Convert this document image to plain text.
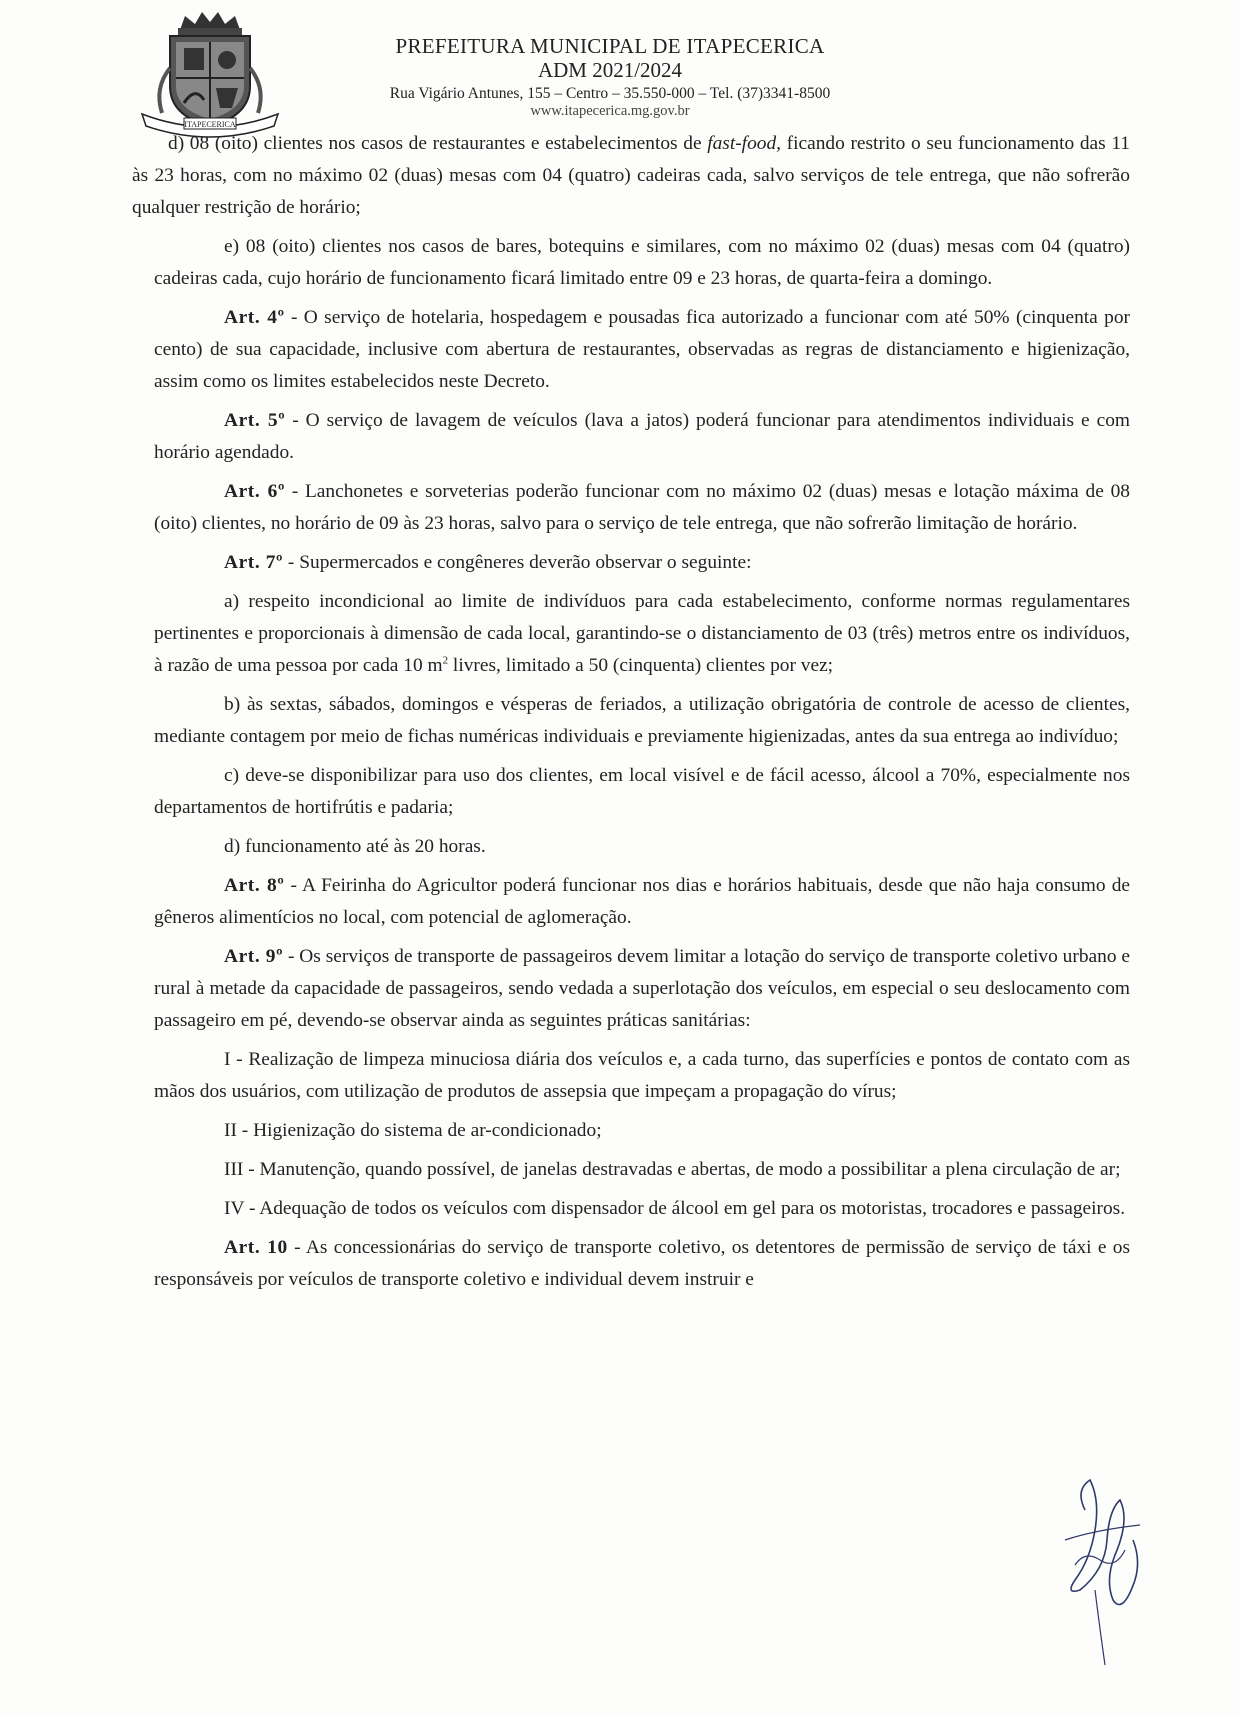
ITAPECERICA
PREFEITURA MUNICIPAL DE ITAPECERICA
ADM 2021/2024
Rua Vigário Antunes, 155 – Centro – 35.550-000 – Tel. (37)3341-8500
www.itapecerica.mg.gov.br

d) 08 (oito) clientes nos casos de restaurantes e estabelecimentos de fast-food, ficando restrito o seu funcionamento das 11 às 23 horas, com no máximo 02 (duas) mesas com 04 (quatro) cadeiras cada, salvo serviços de tele entrega, que não sofrerão qualquer restrição de horário;

e) 08 (oito) clientes nos casos de bares, botequins e similares, com no máximo 02 (duas) mesas com 04 (quatro) cadeiras cada, cujo horário de funcionamento ficará limitado entre 09 e 23 horas, de quarta-feira a domingo.

Art. 4º - O serviço de hotelaria, hospedagem e pousadas fica autorizado a funcionar com até 50% (cinquenta por cento) de sua capacidade, inclusive com abertura de restaurantes, observadas as regras de distanciamento e higienização, assim como os limites estabelecidos neste Decreto.

Art. 5º - O serviço de lavagem de veículos (lava a jatos) poderá funcionar para atendimentos individuais e com horário agendado.

Art. 6º - Lanchonetes e sorveterias poderão funcionar com no máximo 02 (duas) mesas e lotação máxima de 08 (oito) clientes, no horário de 09 às 23 horas, salvo para o serviço de tele entrega, que não sofrerão limitação de horário.

Art. 7º - Supermercados e congêneres deverão observar o seguinte:

a) respeito incondicional ao limite de indivíduos para cada estabelecimento, conforme normas regulamentares pertinentes e proporcionais à dimensão de cada local, garantindo-se o distanciamento de 03 (três) metros entre os indivíduos, à razão de uma pessoa por cada 10 $m^2$ livres, limitado a 50 (cinquenta) clientes por vez;

b) às sextas, sábados, domingos e vésperas de feriados, a utilização obrigatória de controle de acesso de clientes, mediante contagem por meio de fichas numéricas individuais e previamente higienizadas, antes da sua entrega ao indivíduo;

c) deve-se disponibilizar para uso dos clientes, em local visível e de fácil acesso, álcool a 70%, especialmente nos departamentos de hortifrútis e padaria;

d) funcionamento até às 20 horas.

Art. 8º - A Feirinha do Agricultor poderá funcionar nos dias e horários habituais, desde que não haja consumo de gêneros alimentícios no local, com potencial de aglomeração.

Art. 9º - Os serviços de transporte de passageiros devem limitar a lotação do serviço de transporte coletivo urbano e rural à metade da capacidade de passageiros, sendo vedada a superlotação dos veículos, em especial o seu deslocamento com passageiro em pé, devendo-se observar ainda as seguintes práticas sanitárias:

I - Realização de limpeza minuciosa diária dos veículos e, a cada turno, das superfícies e pontos de contato com as mãos dos usuários, com utilização de produtos de assepsia que impeçam a propagação do vírus;

II - Higienização do sistema de ar-condicionado;

III - Manutenção, quando possível, de janelas destravadas e abertas, de modo a possibilitar a plena circulação de ar;

IV - Adequação de todos os veículos com dispensador de álcool em gel para os motoristas, trocadores e passageiros.

Art. 10 - As concessionárias do serviço de transporte coletivo, os detentores de permissão de serviço de táxi e os responsáveis por veículos de transporte coletivo e individual devem instruir e
